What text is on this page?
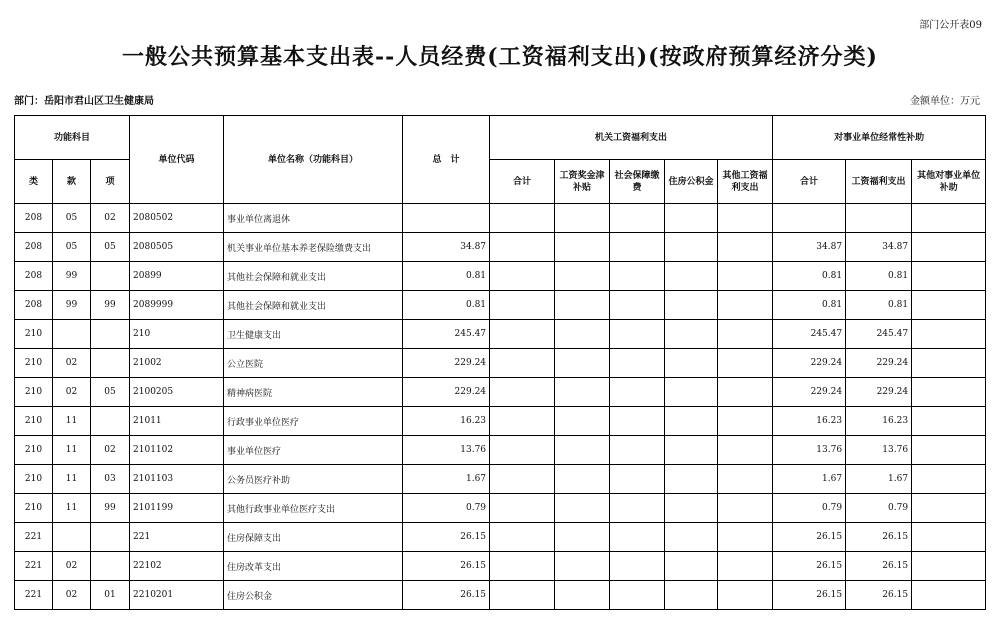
部门公开表09
一般公共预算基本支出表--人员经费(工资福利支出)(按政府预算经济分类)
部门：岳阳市君山区卫生健康局	金额单位：万元
功能科目			单位代码	单位名称（功能科目）	总　计	机关工资福利支出					对事业单位经常性补助		
类	款	项				合计	工资奖金津补贴	社会保障缴费	住房公积金	其他工资福利支出	合计	工资福利支出	其他对事业单位补助
208	05	02	2080502	事业单位离退休									
208	05	05	2080505	机关事业单位基本养老保险缴费支出	34.87						34.87	34.87	
208	99		20899	其他社会保障和就业支出	0.81						0.81	0.81	
208	99	99	2089999	其他社会保障和就业支出	0.81						0.81	0.81	
210			210	卫生健康支出	245.47						245.47	245.47	
210	02		21002	公立医院	229.24						229.24	229.24	
210	02	05	2100205	精神病医院	229.24						229.24	229.24	
210	11		21011	行政事业单位医疗	16.23						16.23	16.23	
210	11	02	2101102	事业单位医疗	13.76						13.76	13.76	
210	11	03	2101103	公务员医疗补助	1.67						1.67	1.67	
210	11	99	2101199	其他行政事业单位医疗支出	0.79						0.79	0.79	
221			221	住房保障支出	26.15						26.15	26.15	
221	02		22102	住房改革支出	26.15						26.15	26.15	
221	02	01	2210201	住房公积金	26.15						26.15	26.15	
